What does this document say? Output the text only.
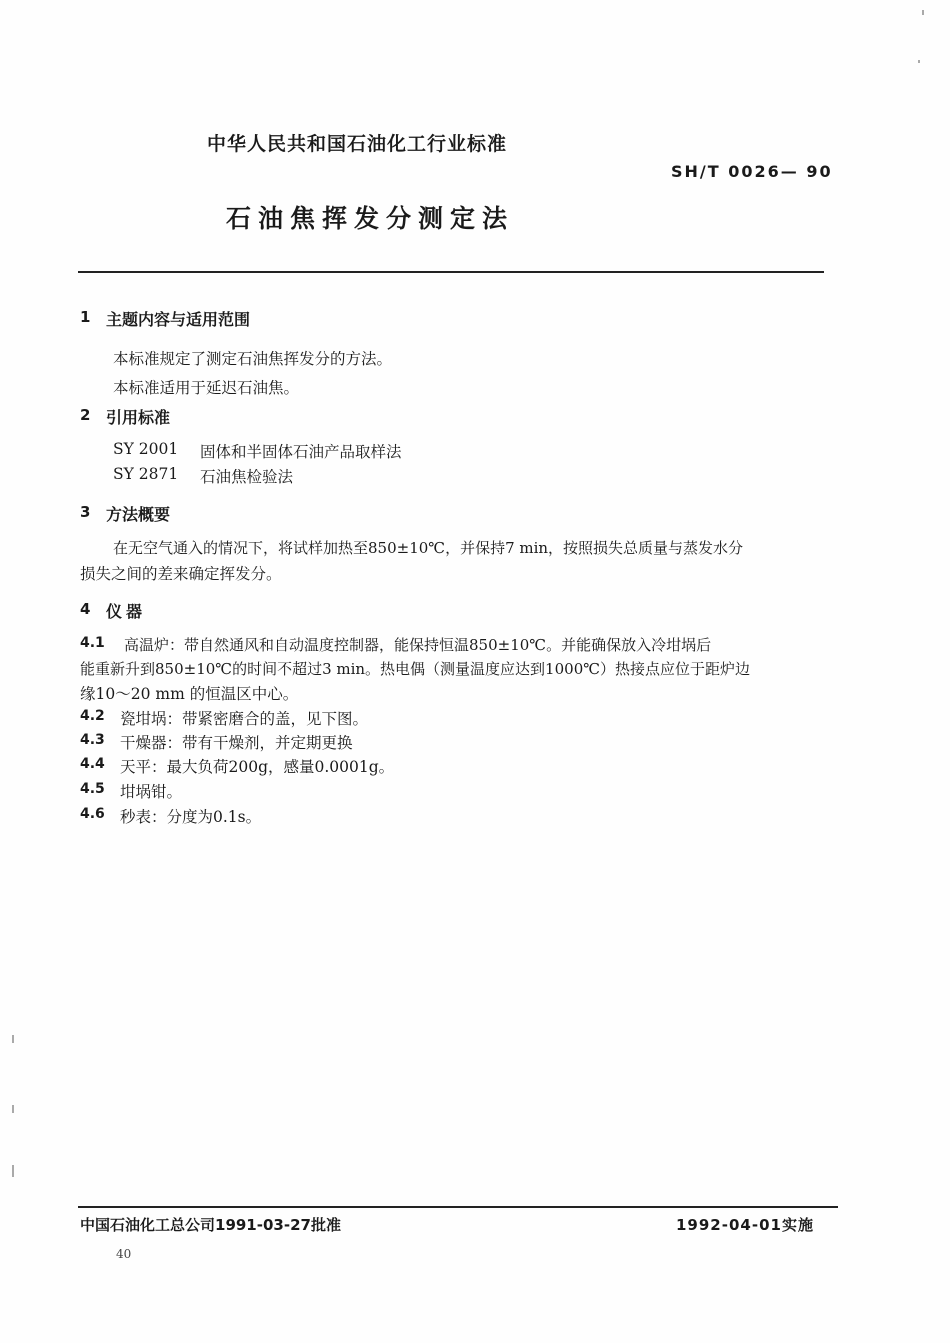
中华人民共和国石油化工行业标准
SH/T 0026— 90
石油焦挥发分测定法
1 主题内容与适用范围
本标准规定了测定石油焦挥发分的方法。
本标准适用于延迟石油焦。
2 引用标准
SY 2001 固体和半固体石油产品取样法
SY 2871 石油焦检验法
3 方法概要
在无空气通入的情况下，将试样加热至850±10℃，并保持7 min，按照损失总质量与蒸发水分
损失之间的差来确定挥发分。
4 仪器
4.1 高温炉：带自然通风和自动温度控制器，能保持恒温850±10℃。并能确保放入冷坩埚后
能重新升到850±10℃的时间不超过3 min。热电偶（测量温度应达到1000℃）热接点应位于距炉边
缘10～20 mm 的恒温区中心。
4.2 瓷坩埚：带紧密磨合的盖，见下图。
4.3 干燥器：带有干燥剂，并定期更换
4.4 天平：最大负荷200g，感量0.0001g。
4.5 坩埚钳。
4.6 秒表：分度为0.1s。
中国石油化工总公司1991-03-27批准	1992-04-01实施
40
